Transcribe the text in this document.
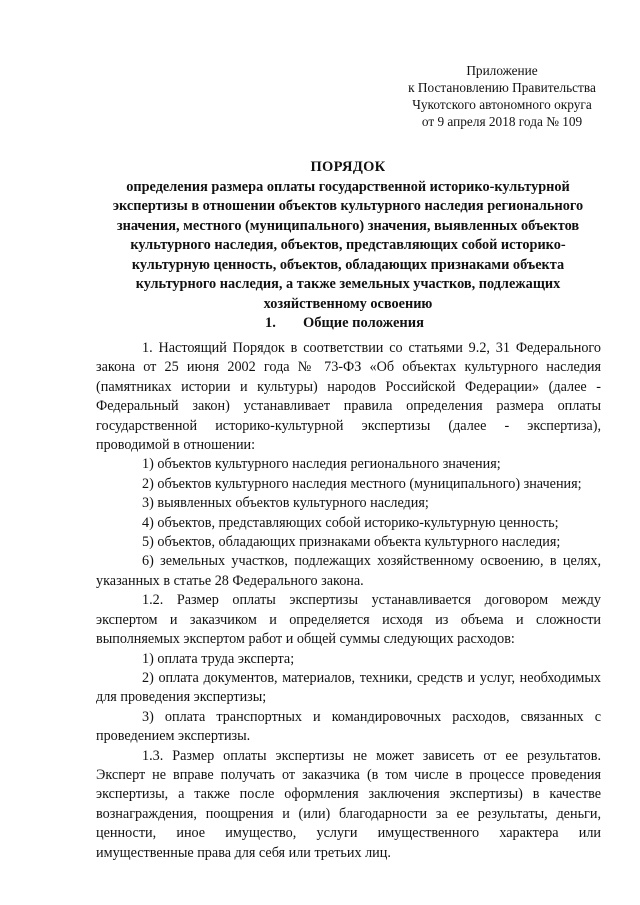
Приложение
к Постановлению Правительства
Чукотского автономного округа
от 9 апреля 2018 года № 109
ПОРЯДОК
определения размера оплаты государственной историко-культурной экспертизы в отношении объектов культурного наследия регионального значения, местного (муниципального) значения, выявленных объектов культурного наследия, объектов, представляющих собой историко-культурную ценность, объектов, обладающих признаками объекта культурного наследия, а также земельных участков, подлежащих хозяйственному освоению
1. Общие положения

1. Настоящий Порядок в соответствии со статьями 9.2, 31 Федерального закона от 25 июня 2002 года № 73-ФЗ «Об объектах культурного наследия (памятниках истории и культуры) народов Российской Федерации» (далее - Федеральный закон) устанавливает правила определения размера оплаты государственной историко-культурной экспертизы (далее - экспертиза), проводимой в отношении:

1) объектов культурного наследия регионального значения;

2) объектов культурного наследия местного (муниципального) значения;

3) выявленных объектов культурного наследия;

4) объектов, представляющих собой историко-культурную ценность;

5) объектов, обладающих признаками объекта культурного наследия;

6) земельных участков, подлежащих хозяйственному освоению, в целях, указанных в статье 28 Федерального закона.

1.2. Размер оплаты экспертизы устанавливается договором между экспертом и заказчиком и определяется исходя из объема и сложности выполняемых экспертом работ и общей суммы следующих расходов:

1) оплата труда эксперта;

2) оплата документов, материалов, техники, средств и услуг, необходимых для проведения экспертизы;

3) оплата транспортных и командировочных расходов, связанных с проведением экспертизы.

1.3. Размер оплаты экспертизы не может зависеть от ее результатов. Эксперт не вправе получать от заказчика (в том числе в процессе проведения экспертизы, а также после оформления заключения экспертизы) в качестве вознаграждения, поощрения и (или) благодарности за ее результаты, деньги, ценности, иное имущество, услуги имущественного характера или имущественные права для себя или третьих лиц.
